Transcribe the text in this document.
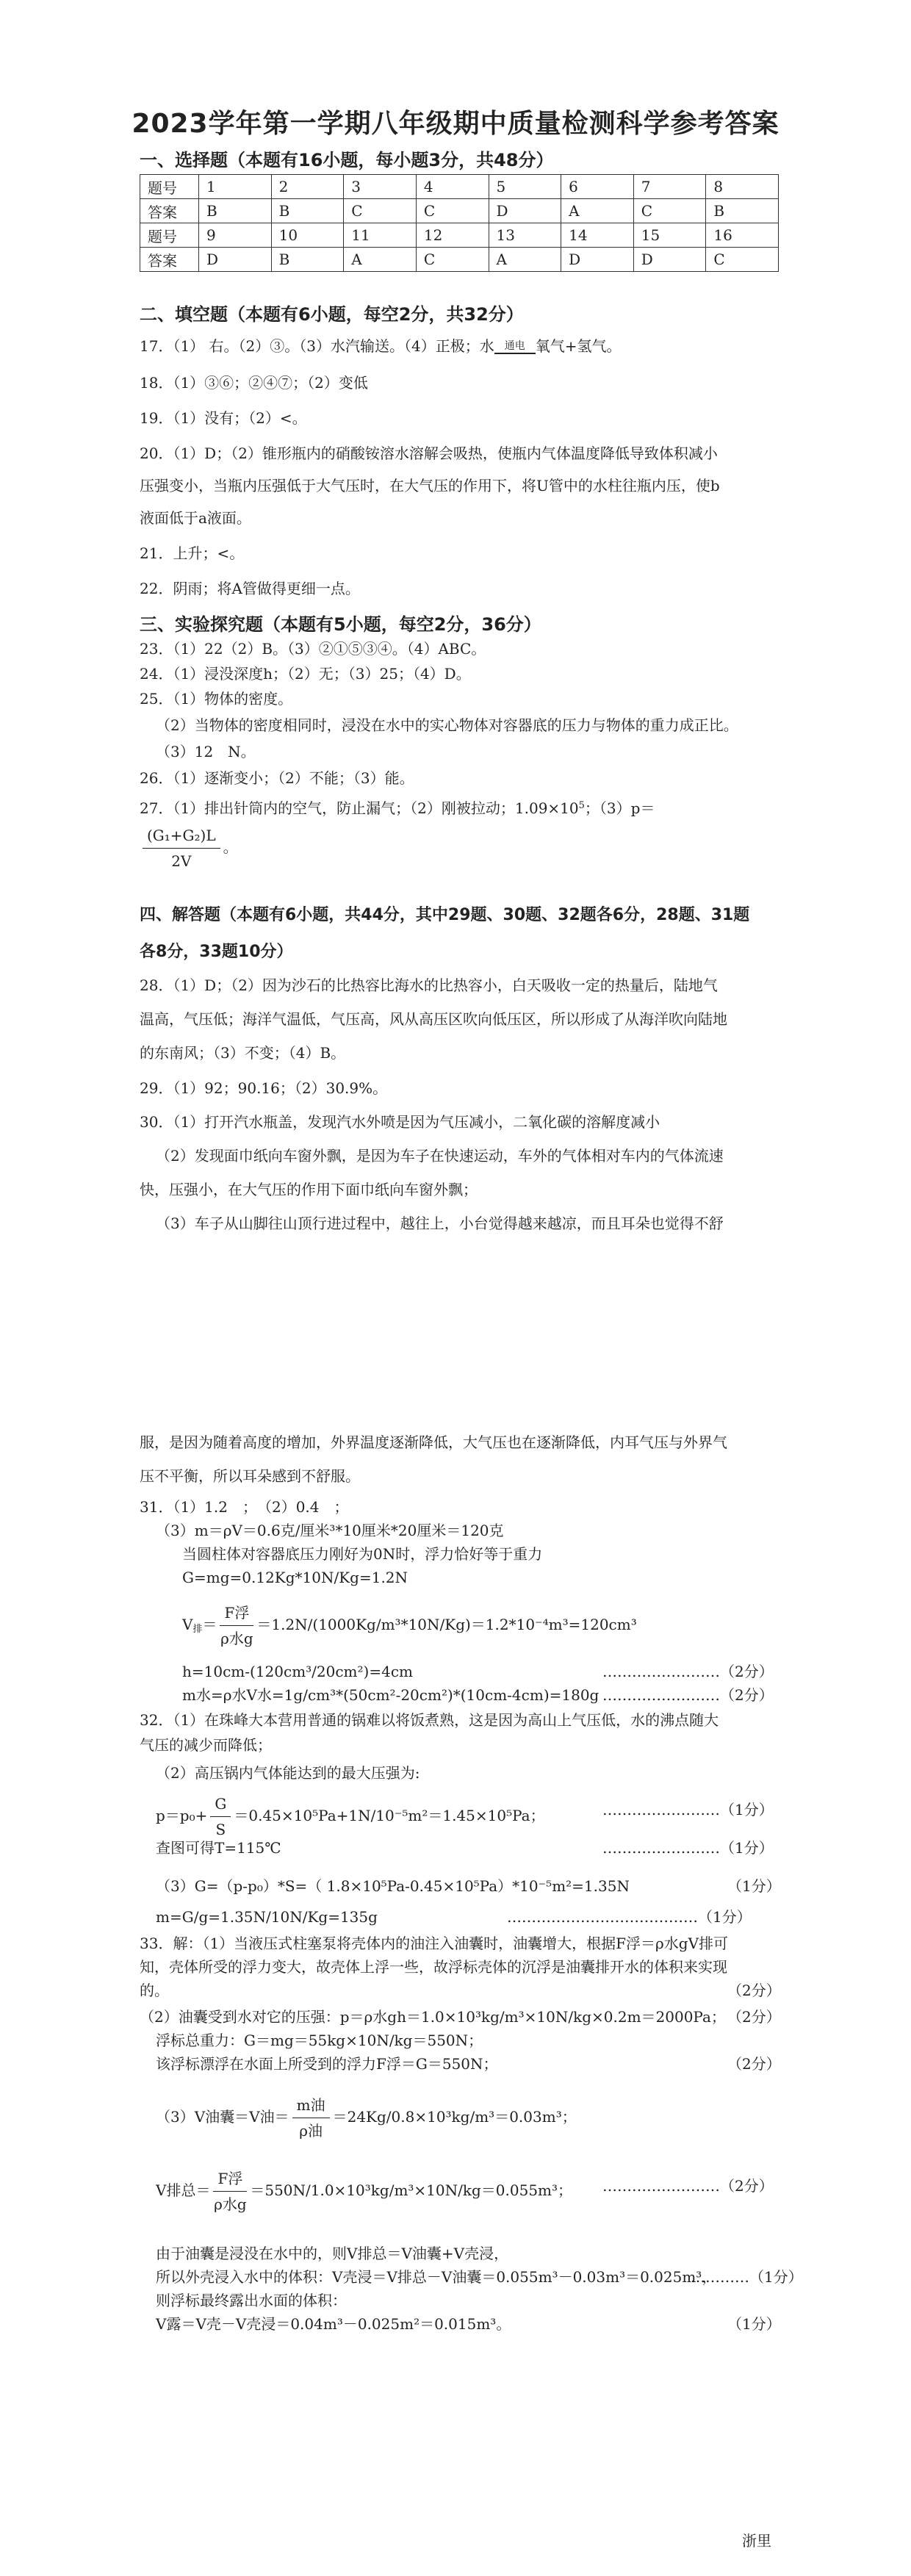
2023学年第一学期八年级期中质量检测科学参考答案
一、选择题（本题有16小题，每小题3分，共48分）
题号	1	2	3	4	5	6	7	8
答案	B	B	C	C	D	A	C	B
题号	9	10	11	12	13	14	15	16
答案	D	B	A	C	A	D	D	C
二、填空题（本题有6小题，每空2分，共32分）
17．（1） 右。（2）③。（3）水汽输送。（4）正极；水	通电 氧气+氢气。
18．（1）③⑥；②④⑦；（2）变低
19．（1）没有；（2）<。
20．（1）D；（2）锥形瓶内的硝酸铵溶水溶解会吸热，使瓶内气体温度降低导致体积减小
压强变小，当瓶内压强低于大气压时，在大气压的作用下，将U管中的水柱往瓶内压，使b
液面低于a液面。
21．上升；<。
22．阴雨；将A管做得更细一点。
三、实验探究题（本题有5小题，每空2分，36分）
23．（1）22（2）B。（3）②①⑤③④。（4）ABC。
24．（1）浸没深度h；（2）无；（3）25；（4）D。
25．（1）物体的密度。
（2）当物体的密度相同时，浸没在水中的实心物体对容器底的压力与物体的重力成正比。
（3）12　N。
26．（1）逐渐变小；（2）不能；（3）能。
27．（1）排出针筒内的空气，防止漏气；（2）刚被拉动；$1.09\times 10^5$；（3）p＝
$\frac{\text{(G₁+G₂)L}}{2V}$ 。
四、解答题（本题有6小题，共44分，其中29题、30题、32题各6分，28题、31题
各8分，33题10分）
28．（1）D；（2）因为沙石的比热容比海水的比热容小，白天吸收一定的热量后，陆地气
温高，气压低；海洋气温低，气压高，风从高压区吹向低压区，所以形成了从海洋吹向陆地
的东南风；（3）不变；（4）B。
29．（1）92；90.16；（2）30.9%。
30．（1）打开汽水瓶盖，发现汽水外喷是因为气压减小，二氧化碳的溶解度减小
（2）发现面巾纸向车窗外飘，是因为车子在快速运动，车外的气体相对车内的气体流速
快，压强小，在大气压的作用下面巾纸向车窗外飘；
（3）车子从山脚往山顶行进过程中，越往上，小台觉得越来越凉，而且耳朵也觉得不舒
服，是因为随着高度的增加，外界温度逐渐降低，大气压也在逐渐降低，内耳气压与外界气
压不平衡，所以耳朵感到不舒服。
31．（1）1.2　；　（2）0.4　；
（3）m＝ρV＝0.6克/厘米³*10厘米*20厘米＝120克
当圆柱体对容器底压力刚好为0N时，浮力恰好等于重力
G=mg=0.12Kg*10N/Kg=1.2N
$V_排= \frac{\text{F浮}}{\text{ρ水g}} =1.2N/(1000Kg/m^3*10N/Kg)=1.2*10^{-4}m^3=120cm^3$
h=10cm-(120cm³/20cm²)=4cm	……………………（2分）
m水=ρ水V水=1g/cm³*(50cm²-20cm²)*(10cm-4cm)=180g ……………………（2分）
32．（1）在珠峰大本营用普通的锅难以将饭煮熟，这是因为高山上气压低，水的沸点随大
气压的减少而降低；
（2）高压锅内气体能达到的最大压强为:
$p=p_0+ \frac{G}{S} =0.45\times 10^5Pa+1N/10^{-5}m^2=1.45\times 10^5Pa$；	……………………（1分）
查图可得T=115℃	……………………（1分）
（3）G=（p-p₀）*S=（ 1.8×10⁵Pa-0.45×10⁵Pa）*10⁻⁵m²=1.35N	（1分）
m=G/g=1.35N/10N/Kg=135g	…………………………………（1分）
33．解：（1）当液压式柱塞泵将壳体内的油注入油囊时，油囊增大，根据F浮＝ρ水gV排可
知，壳体所受的浮力变大，故壳体上浮一些，故浮标壳体的沉浮是油囊排开水的体积来实现
的。	（2分）
（2）油囊受到水对它的压强：p＝ρ水gh＝1.0×10³kg/m³×10N/kg×0.2m＝2000Pa； （2分）
浮标总重力：G＝mg＝55kg×10N/kg＝550N；
该浮标漂浮在水面上所受到的浮力F浮＝G＝550N；	（2分）
（3）V油囊＝V油＝ $\frac{\text{m油}}{\text{ρ油}} =24Kg/0.8\times 10^3kg/m^3=0.03m^3$；
V排总＝ $\frac{\text{F浮}}{\text{ρ水g}} =550N/1.0\times 10^3kg/m^3\times 10N/kg=0.055m^3$； ……………………（2分）
由于油囊是浸没在水中的，则V排总＝V油囊+V壳浸，
所以外壳浸入水中的体积：V壳浸＝V排总－V油囊＝0.055m³－0.03m³＝0.025m³，
…………（1分）
则浮标最终露出水面的体积：
V露＝V壳－V壳浸＝0.04m³－0.025m²＝0.015m³。	（1分）
浙里
